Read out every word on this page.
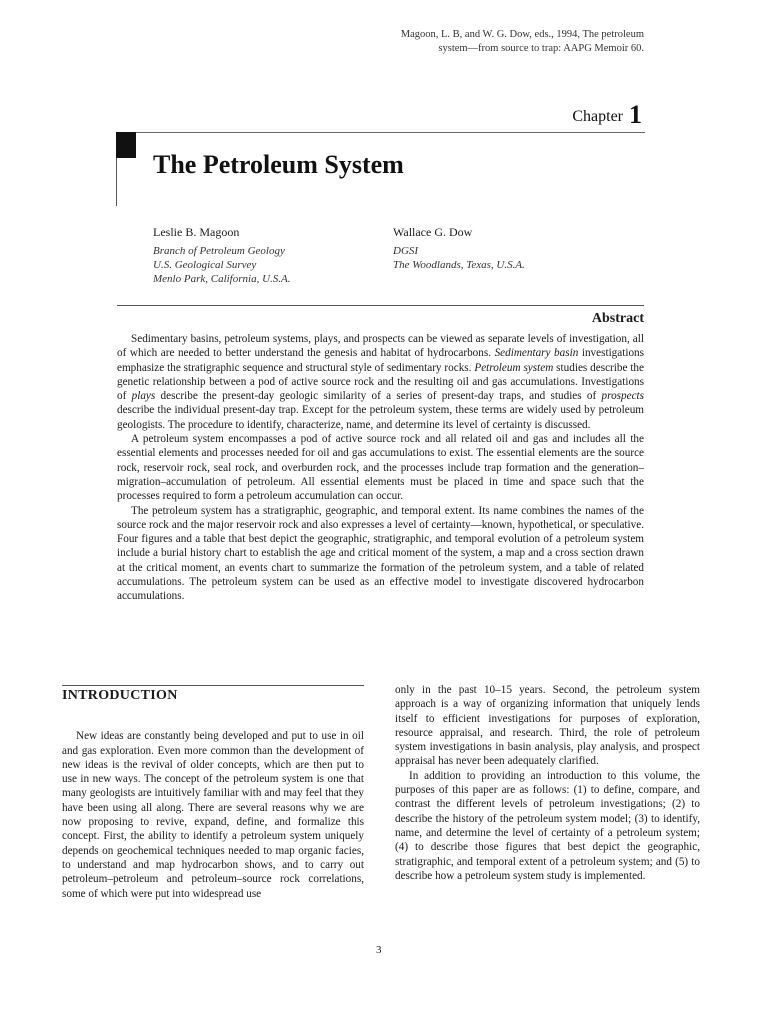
Magoon, L. B, and W. G. Dow, eds., 1994, The petroleum
system—from source to trap: AAPG Memoir 60.
Chapter 1
The Petroleum System
Leslie B. Magoon
Branch of Petroleum Geology
U.S. Geological Survey
Menlo Park, California, U.S.A.
Wallace G. Dow
DGSI
The Woodlands, Texas, U.S.A.
Abstract

Sedimentary basins, petroleum systems, plays, and prospects can be viewed as separate levels of investigation, all of which are needed to better understand the genesis and habitat of hydrocarbons. Sedimentary basin investigations emphasize the stratigraphic sequence and structural style of sedimentary rocks. Petroleum system studies describe the genetic relationship between a pod of active source rock and the resulting oil and gas accumulations. Investigations of plays describe the present-day geologic similarity of a series of present-day traps, and studies of prospects describe the individual present-day trap. Except for the petroleum system, these terms are widely used by petroleum geologists. The procedure to identify, characterize, name, and determine its level of certainty is discussed.

A petroleum system encompasses a pod of active source rock and all related oil and gas and includes all the essential elements and processes needed for oil and gas accumulations to exist. The essential elements are the source rock, reservoir rock, seal rock, and overburden rock, and the processes include trap formation and the generation–migration–accumulation of petroleum. All essential elements must be placed in time and space such that the processes required to form a petroleum accumulation can occur.

The petroleum system has a stratigraphic, geographic, and temporal extent. Its name combines the names of the source rock and the major reservoir rock and also expresses a level of certainty—known, hypothetical, or speculative. Four figures and a table that best depict the geographic, stratigraphic, and temporal evolution of a petroleum system include a burial history chart to establish the age and critical moment of the system, a map and a cross section drawn at the critical moment, an events chart to summarize the formation of the petroleum system, and a table of related accumulations. The petroleum system can be used as an effective model to investigate discovered hydrocarbon accumulations.

INTRODUCTION

New ideas are constantly being developed and put to use in oil and gas exploration. Even more common than the development of new ideas is the revival of older concepts, which are then put to use in new ways. The concept of the petroleum system is one that many geologists are intuitively familiar with and may feel that they have been using all along. There are several reasons why we are now proposing to revive, expand, define, and formalize this concept. First, the ability to identify a petroleum system uniquely depends on geochemical techniques needed to map organic facies, to understand and map hydrocarbon shows, and to carry out petroleum–petroleum and petroleum–source rock correlations, some of which were put into widespread use

only in the past 10–15 years. Second, the petroleum system approach is a way of organizing information that uniquely lends itself to efficient investigations for purposes of exploration, resource appraisal, and research. Third, the role of petroleum system investigations in basin analysis, play analysis, and prospect appraisal has never been adequately clarified.

In addition to providing an introduction to this volume, the purposes of this paper are as follows: (1) to define, compare, and contrast the different levels of petroleum investigations; (2) to describe the history of the petroleum system model; (3) to identify, name, and determine the level of certainty of a petroleum system; (4) to describe those figures that best depict the geographic, stratigraphic, and temporal extent of a petroleum system; and (5) to describe how a petroleum system study is implemented.

3
